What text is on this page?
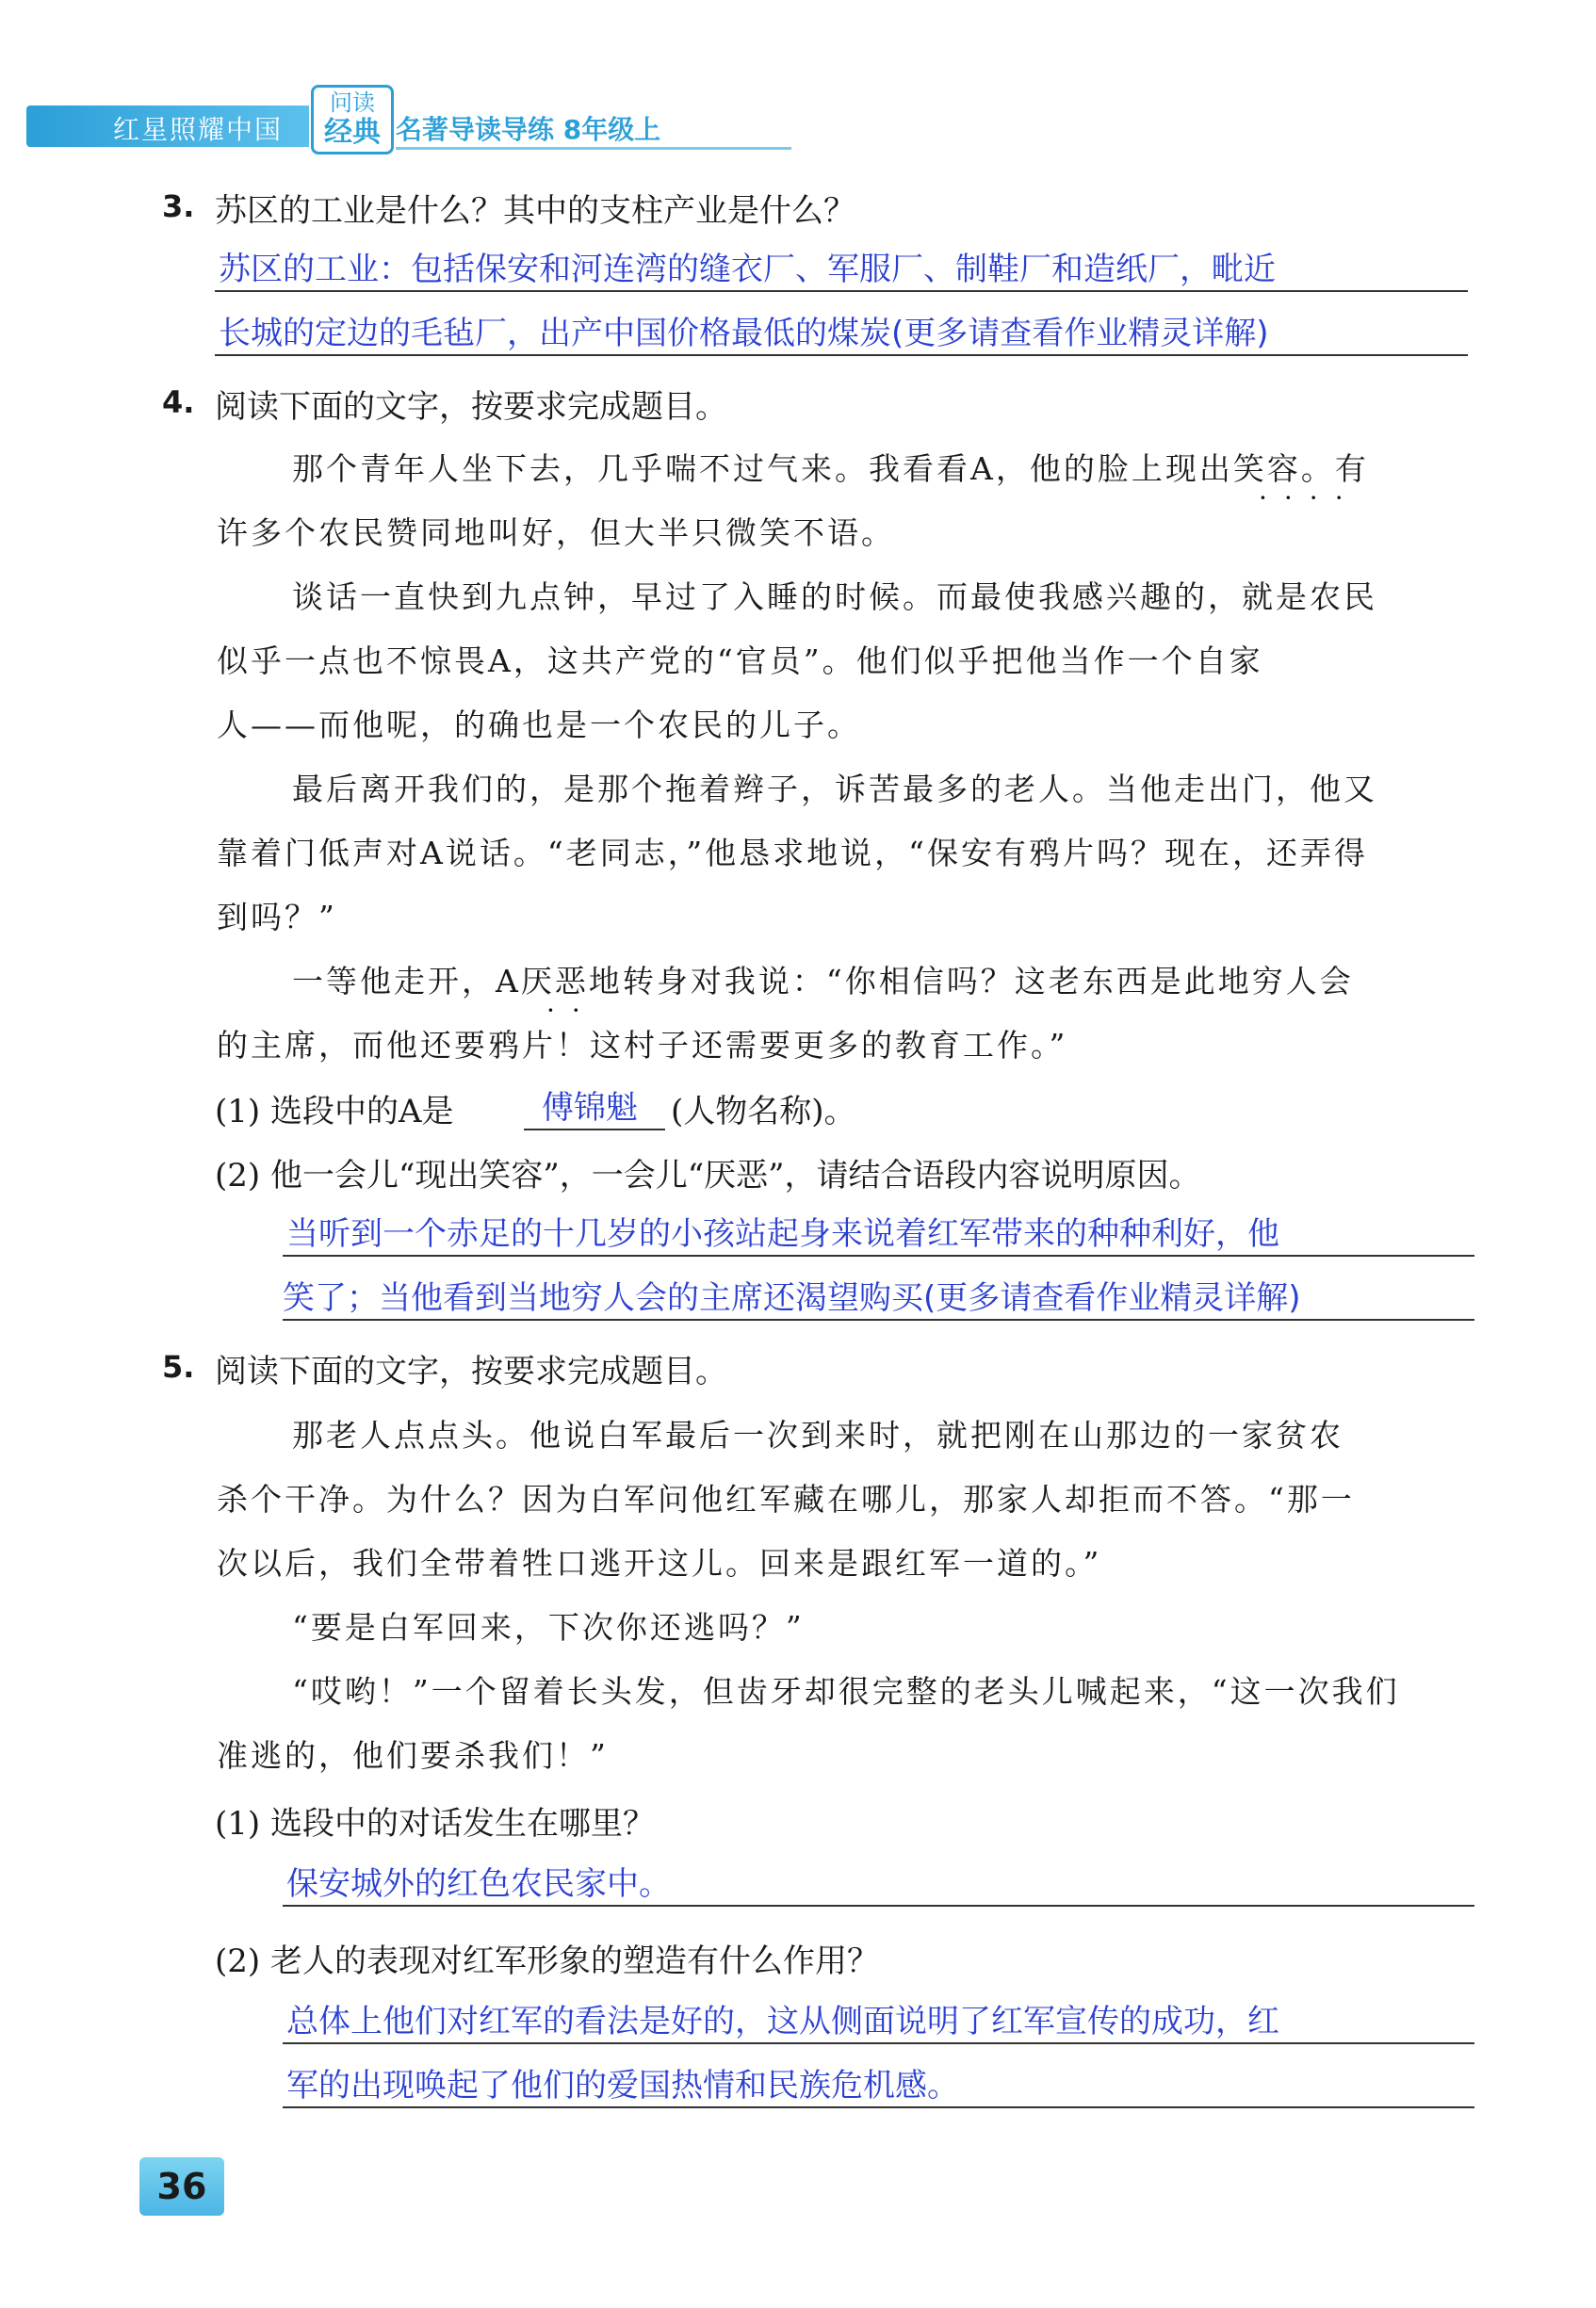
红星照耀中国
问读
经典 名著导读导练 8年级上
3. 苏区的工业是什么？其中的支柱产业是什么？
苏区的工业：包括保安和河连湾的缝衣厂、军服厂、制鞋厂和造纸厂，毗近
长城的定边的毛毡厂，出产中国价格最低的煤炭(更多请查看作业精灵详解)
4. 阅读下面的文字，按要求完成题目。
那个青年人坐下去，几乎喘不过气来。我看看A，他的脸上现出笑容。有
····
许多个农民赞同地叫好，但大半只微笑不语。
谈话一直快到九点钟，早过了入睡的时候。而最使我感兴趣的，就是农民
似乎一点也不惊畏A，这共产党的“官员”。他们似乎把他当作一个自家
人——而他呢，的确也是一个农民的儿子。
最后离开我们的，是那个拖着辫子，诉苦最多的老人。当他走出门，他又
靠着门低声对A说话。“老同志，”他恳求地说，“保安有鸦片吗？现在，还弄得
到吗？”
一等他走开，A厌恶地转身对我说：“你相信吗？这老东西是此地穷人会
··
的主席，而他还要鸦片！这村子还需要更多的教育工作。”
(1) 选段中的A是	傅锦魁 (人物名称)。
(2) 他一会儿“现出笑容”，一会儿“厌恶”，请结合语段内容说明原因。
当听到一个赤足的十几岁的小孩站起身来说着红军带来的种种利好，他
笑了；当他看到当地穷人会的主席还渴望购买(更多请查看作业精灵详解)
5. 阅读下面的文字，按要求完成题目。
那老人点点头。他说白军最后一次到来时，就把刚在山那边的一家贫农
杀个干净。为什么？因为白军问他红军藏在哪儿，那家人却拒而不答。“那一
次以后，我们全带着牲口逃开这儿。回来是跟红军一道的。”
“要是白军回来，下次你还逃吗？”
“哎哟！”一个留着长头发，但齿牙却很完整的老头儿喊起来，“这一次我们
准逃的，他们要杀我们！”
(1) 选段中的对话发生在哪里？
保安城外的红色农民家中。
(2) 老人的表现对红军形象的塑造有什么作用？
总体上他们对红军的看法是好的，这从侧面说明了红军宣传的成功，红
军的出现唤起了他们的爱国热情和民族危机感。
36
